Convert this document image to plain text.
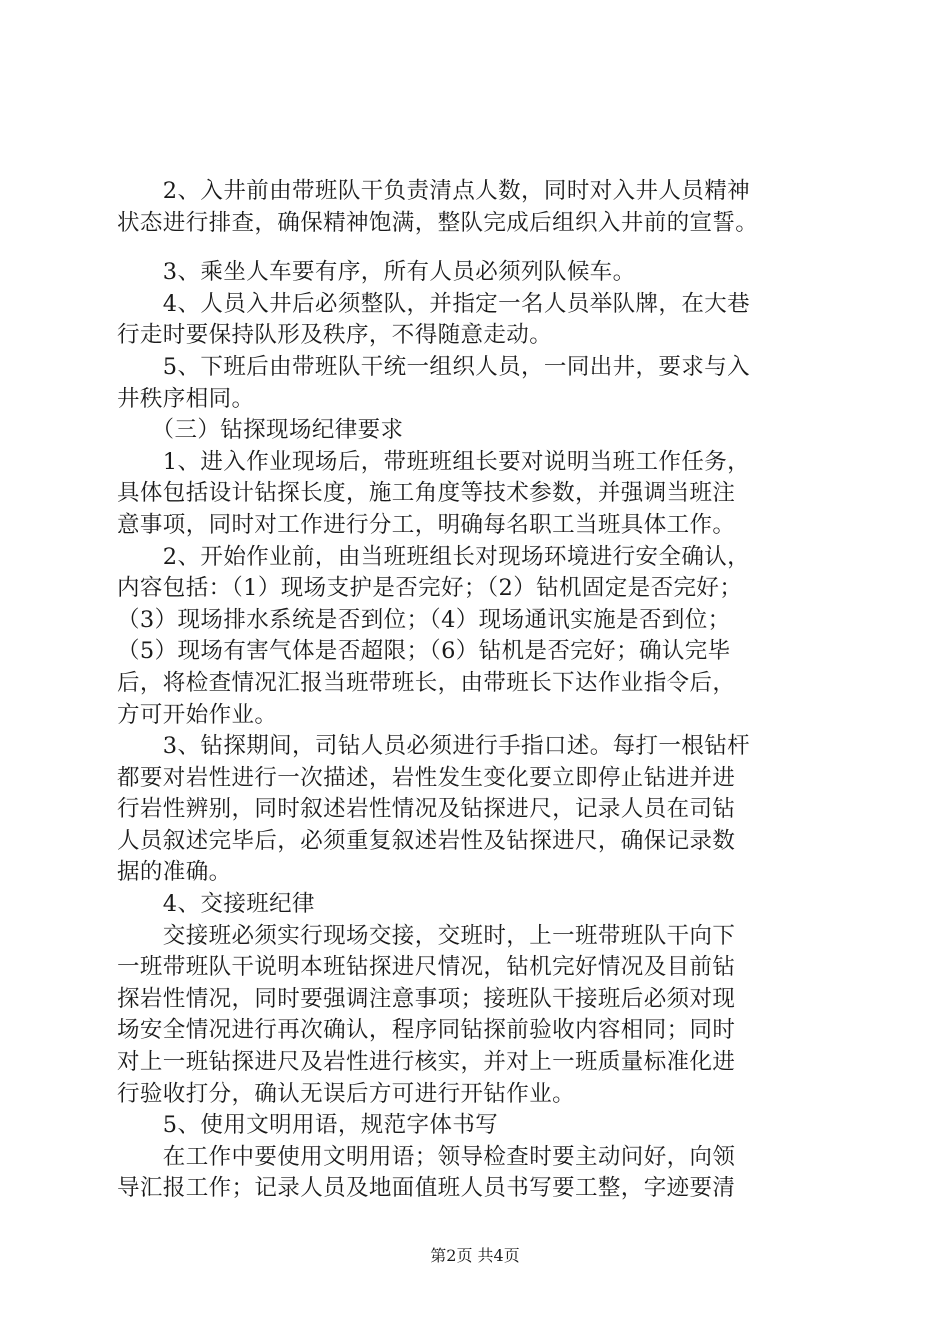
　　2、入井前由带班队干负责清点人数，同时对入井人员精神
状态进行排查，确保精神饱满，整队完成后组织入井前的宣誓。
　　3、乘坐人车要有序，所有人员必须列队候车。
　　4、人员入井后必须整队，并指定一名人员举队牌，在大巷
行走时要保持队形及秩序，不得随意走动。
　　5、下班后由带班队干统一组织人员，一同出井，要求与入
井秩序相同。
　　（三）钻探现场纪律要求
　　1、进入作业现场后，带班班组长要对说明当班工作任务，
具体包括设计钻探长度，施工角度等技术参数，并强调当班注
意事项，同时对工作进行分工，明确每名职工当班具体工作。
　　2、开始作业前，由当班班组长对现场环境进行安全确认，
内容包括：（1）现场支护是否完好；（2）钻机固定是否完好；
（3）现场排水系统是否到位；（4）现场通讯实施是否到位；
（5）现场有害气体是否超限；（6）钻机是否完好；确认完毕
后，将检查情况汇报当班带班长，由带班长下达作业指令后，
方可开始作业。
　　3、钻探期间，司钻人员必须进行手指口述。每打一根钻杆
都要对岩性进行一次描述，岩性发生变化要立即停止钻进并进
行岩性辨别，同时叙述岩性情况及钻探进尺，记录人员在司钻
人员叙述完毕后，必须重复叙述岩性及钻探进尺，确保记录数
据的准确。
　　4、交接班纪律
　　交接班必须实行现场交接，交班时，上一班带班队干向下
一班带班队干说明本班钻探进尺情况，钻机完好情况及目前钻
探岩性情况，同时要强调注意事项；接班队干接班后必须对现
场安全情况进行再次确认，程序同钻探前验收内容相同；同时
对上一班钻探进尺及岩性进行核实，并对上一班质量标准化进
行验收打分，确认无误后方可进行开钻作业。
　　5、使用文明用语，规范字体书写
　　在工作中要使用文明用语；领导检查时要主动问好，向领
导汇报工作；记录人员及地面值班人员书写要工整，字迹要清
第2页 共4页
